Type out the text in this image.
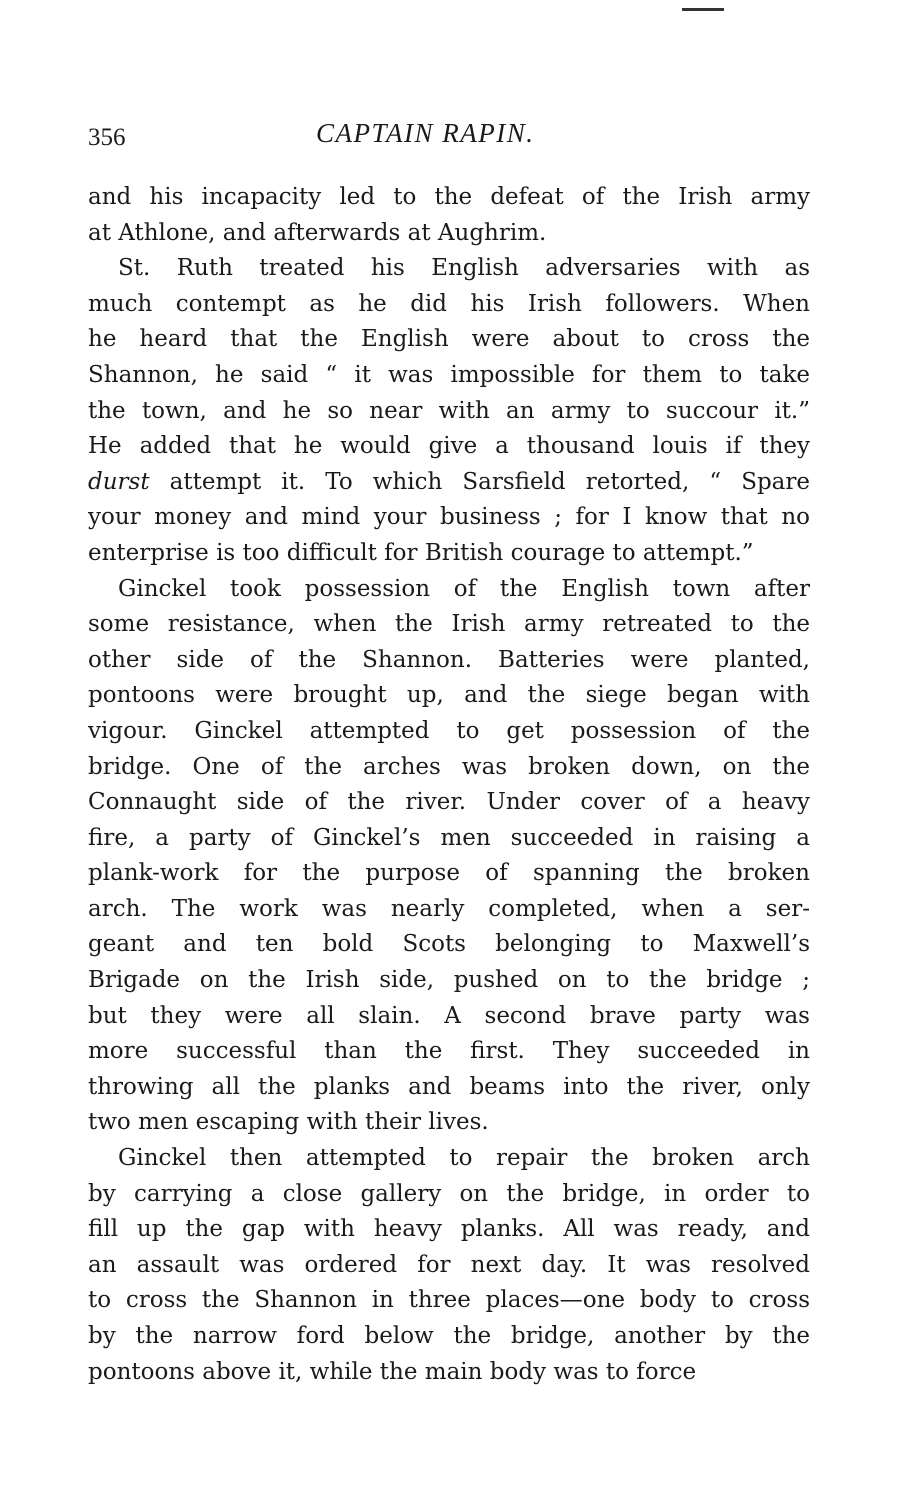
356	CAPTAIN RAPIN.

and his incapacity led to the defeat of the Irish army
at Athlone, and afterwards at Aughrim.

St. Ruth treated his English adversaries with as
much contempt as he did his Irish followers. When
he heard that the English were about to cross the
Shannon, he said “ it was impossible for them to take
the town, and he so near with an army to succour it.”
He added that he would give a thousand louis if they
durst attempt it. To which Sarsfield retorted, “ Spare
your money and mind your business ; for I know that no
enterprise is too difficult for British courage to attempt.”

Ginckel took possession of the English town after
some resistance, when the Irish army retreated to the
other side of the Shannon. Batteries were planted,
pontoons were brought up, and the siege began with
vigour. Ginckel attempted to get possession of the
bridge. One of the arches was broken down, on the
Connaught side of the river. Under cover of a heavy
fire, a party of Ginckel’s men succeeded in raising a
plank-work for the purpose of spanning the broken
arch. The work was nearly completed, when a ser-
geant and ten bold Scots belonging to Maxwell’s
Brigade on the Irish side, pushed on to the bridge ;
but they were all slain. A second brave party was
more successful than the first. They succeeded in
throwing all the planks and beams into the river, only
two men escaping with their lives.

Ginckel then attempted to repair the broken arch
by carrying a close gallery on the bridge, in order to
fill up the gap with heavy planks. All was ready, and
an assault was ordered for next day. It was resolved
to cross the Shannon in three places—one body to cross
by the narrow ford below the bridge, another by the
pontoons above it, while the main body was to force
